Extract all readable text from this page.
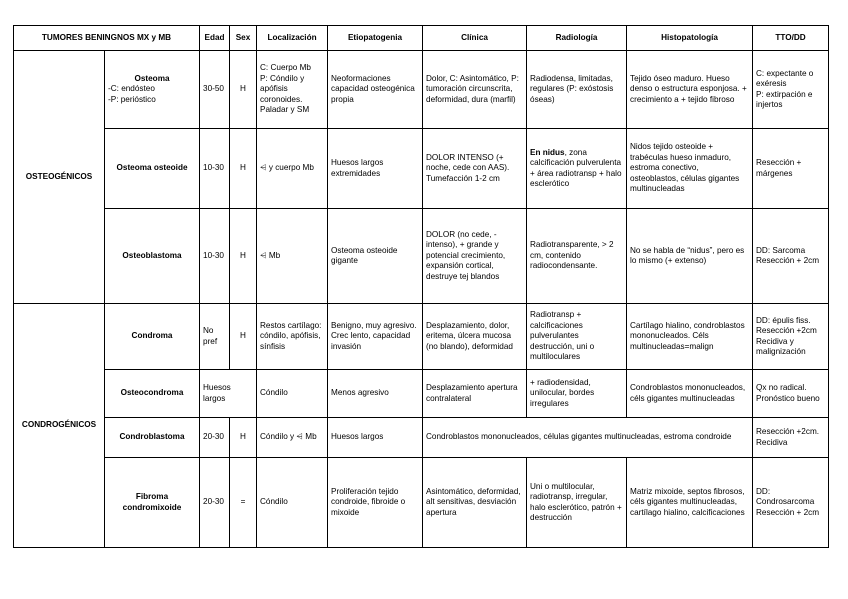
TUMORES BENINGNOS MX y MB		Edad	Sex	Localización	Etiopatogenia	Clínica	Radiología	Histopatología	TTO/DD
OSTEOGÉNICOS	Osteoma
-C: endósteo
-P: perióstico	30-50	H	C: Cuerpo Mb
P: Cóndilo y apófisis coronoides. Paladar y SM	Neoformaciones capacidad osteogénica propia	Dolor, C: Asintomático, P: tumoración circunscrita, deformidad, dura (marfil)	Radiodensa, limitadas, regulares (P: exóstosis óseas)	Tejido óseo maduro. Hueso denso o estructura esponjosa. + crecimiento a + tejido fibroso	C: expectante o exéresis
P: extirpación e injertos
	Osteoma osteoide	10-30	H	⩤ y cuerpo Mb	Huesos largos extremidades	DOLOR INTENSO (+ noche, cede con AAS). Tumefacción 1-2 cm	En nidus, zona calcificación pulverulenta + área radiotransp + halo esclerótico	Nidos tejido osteoide + trabéculas hueso inmaduro, estroma conectivo, osteoblastos, células gigantes multinucleadas	Resección + márgenes
	Osteoblastoma	10-30	H	⩤ Mb	Osteoma osteoide gigante	DOLOR (no cede, -intenso), + grande y potencial crecimiento, expansión cortical, destruye tej blandos	Radiotransparente, > 2 cm, contenido radiocondensante.	No se habla de “nidus”, pero es lo mismo (+ extenso)	DD: Sarcoma
Resección + 2cm
CONDROGÉNICOS	Condroma	No pref	H	Restos cartílago: cóndilo, apófisis, sínfisis	Benigno, muy agresivo. Crec lento, capacidad invasión	Desplazamiento, dolor, eritema, úlcera mucosa (no blando), deformidad	Radiotransp + calcificaciones pulverulantes destrucción, uni o multiloculares	Cartílago hialino, condroblastos mononucleados. Céls multinucleadas=malign	DD: épulis fiss.
Resección +2cm
Recidiva y malignización
	Osteocondroma	Huesos largos		Cóndilo	Menos agresivo	Desplazamiento apertura contralateral	+ radiodensidad, unilocular, bordes irregulares	Condroblastos mononucleados, céls gigantes multinucleadas	Qx no radical. Pronóstico bueno
	Condroblastoma	20-30	H	Cóndilo y ⩤ Mb	Huesos largos	Condroblastos mononucleados, células gigantes multinucleadas, estroma condroide			Resección +2cm. Recidiva
	Fibroma condromixoide	20-30	=	Cóndilo	Proliferación tejido condroide, fibroide o mixoide	Asintomático, deformidad, alt sensitivas, desviación apertura	Uni o multilocular, radiotransp, irregular, halo esclerótico, patrón + destrucción	Matriz mixoide, septos fibrosos, céls gigantes multinucleadas, cartílago hialino, calcificaciones	DD: Condrosarcoma
Resección + 2cm
